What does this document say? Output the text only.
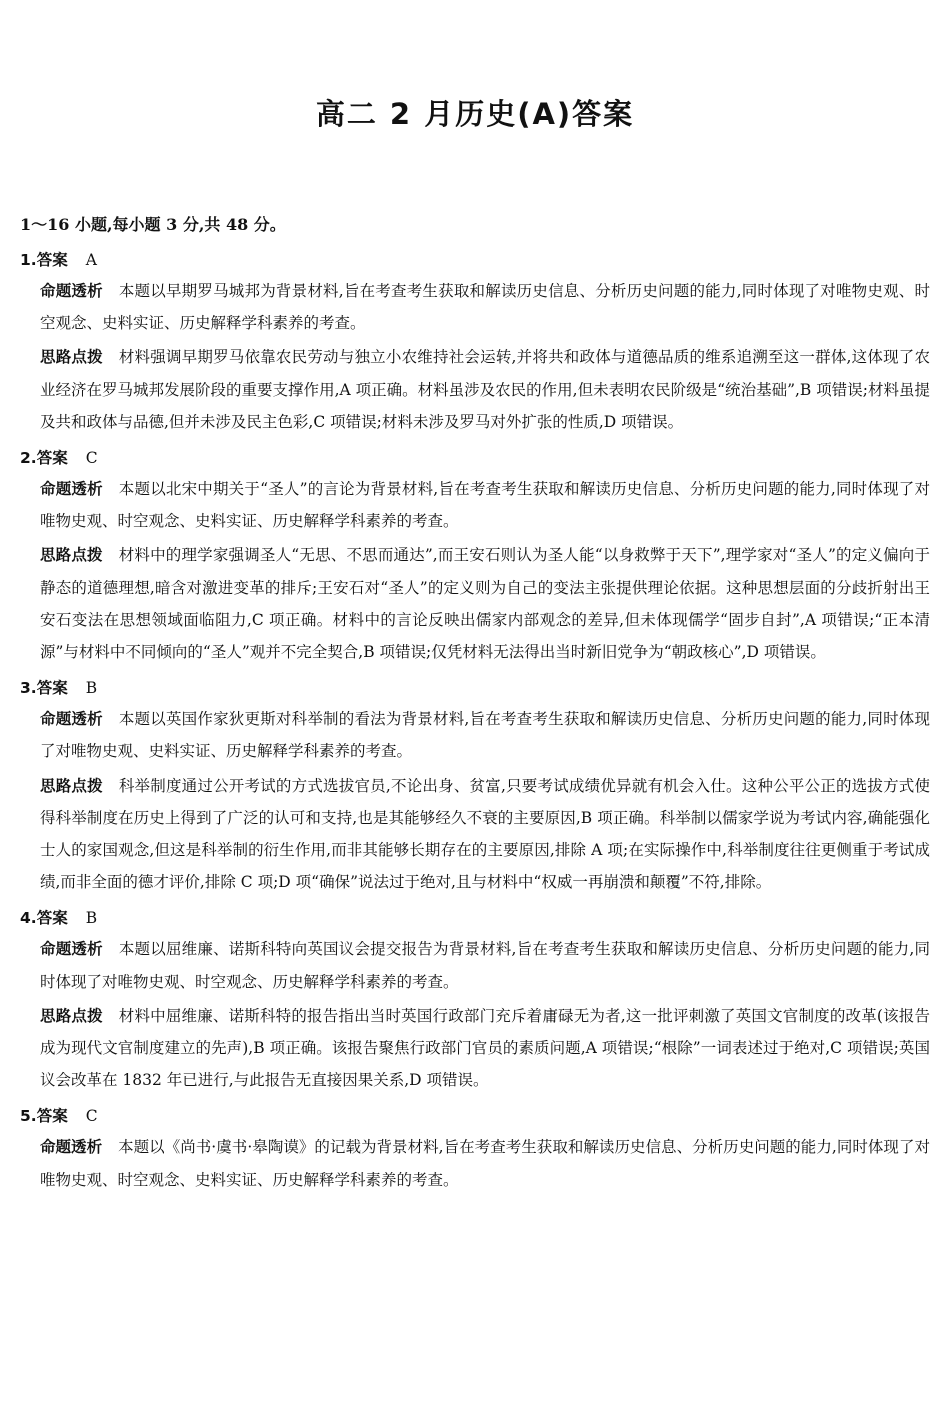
高二 2 月历史(A)答案
1～16 小题,每小题 3 分,共 48 分。
1.答案 A
命题透析 本题以早期罗马城邦为背景材料,旨在考查考生获取和解读历史信息、分析历史问题的能力,同时体现了对唯物史观、时空观念、史料实证、历史解释学科素养的考查。
思路点拨 材料强调早期罗马依靠农民劳动与独立小农维持社会运转,并将共和政体与道德品质的维系追溯至这一群体,这体现了农业经济在罗马城邦发展阶段的重要支撑作用,A 项正确。材料虽涉及农民的作用,但未表明农民阶级是“统治基础”,B 项错误;材料虽提及共和政体与品德,但并未涉及民主色彩,C 项错误;材料未涉及罗马对外扩张的性质,D 项错误。
2.答案 C
命题透析 本题以北宋中期关于“圣人”的言论为背景材料,旨在考查考生获取和解读历史信息、分析历史问题的能力,同时体现了对唯物史观、时空观念、史料实证、历史解释学科素养的考查。
思路点拨 材料中的理学家强调圣人“无思、不思而通达”,而王安石则认为圣人能“以身救弊于天下”,理学家对“圣人”的定义偏向于静态的道德理想,暗含对激进变革的排斥;王安石对“圣人”的定义则为自己的变法主张提供理论依据。这种思想层面的分歧折射出王安石变法在思想领域面临阻力,C 项正确。材料中的言论反映出儒家内部观念的差异,但未体现儒学“固步自封”,A 项错误;“正本清源”与材料中不同倾向的“圣人”观并不完全契合,B 项错误;仅凭材料无法得出当时新旧党争为“朝政核心”,D 项错误。
3.答案 B
命题透析 本题以英国作家狄更斯对科举制的看法为背景材料,旨在考查考生获取和解读历史信息、分析历史问题的能力,同时体现了对唯物史观、史料实证、历史解释学科素养的考查。
思路点拨 科举制度通过公开考试的方式选拔官员,不论出身、贫富,只要考试成绩优异就有机会入仕。这种公平公正的选拔方式使得科举制度在历史上得到了广泛的认可和支持,也是其能够经久不衰的主要原因,B 项正确。科举制以儒家学说为考试内容,确能强化士人的家国观念,但这是科举制的衍生作用,而非其能够长期存在的主要原因,排除 A 项;在实际操作中,科举制度往往更侧重于考试成绩,而非全面的德才评价,排除 C 项;D 项“确保”说法过于绝对,且与材料中“权威一再崩溃和颠覆”不符,排除。
4.答案 B
命题透析 本题以屈维廉、诺斯科特向英国议会提交报告为背景材料,旨在考查考生获取和解读历史信息、分析历史问题的能力,同时体现了对唯物史观、时空观念、历史解释学科素养的考查。
思路点拨 材料中屈维廉、诺斯科特的报告指出当时英国行政部门充斥着庸碌无为者,这一批评刺激了英国文官制度的改革(该报告成为现代文官制度建立的先声),B 项正确。该报告聚焦行政部门官员的素质问题,A 项错误;“根除”一词表述过于绝对,C 项错误;英国议会改革在 1832 年已进行,与此报告无直接因果关系,D 项错误。
5.答案 C
命题透析 本题以《尚书·虞书·皋陶谟》的记载为背景材料,旨在考查考生获取和解读历史信息、分析历史问题的能力,同时体现了对唯物史观、时空观念、史料实证、历史解释学科素养的考查。
